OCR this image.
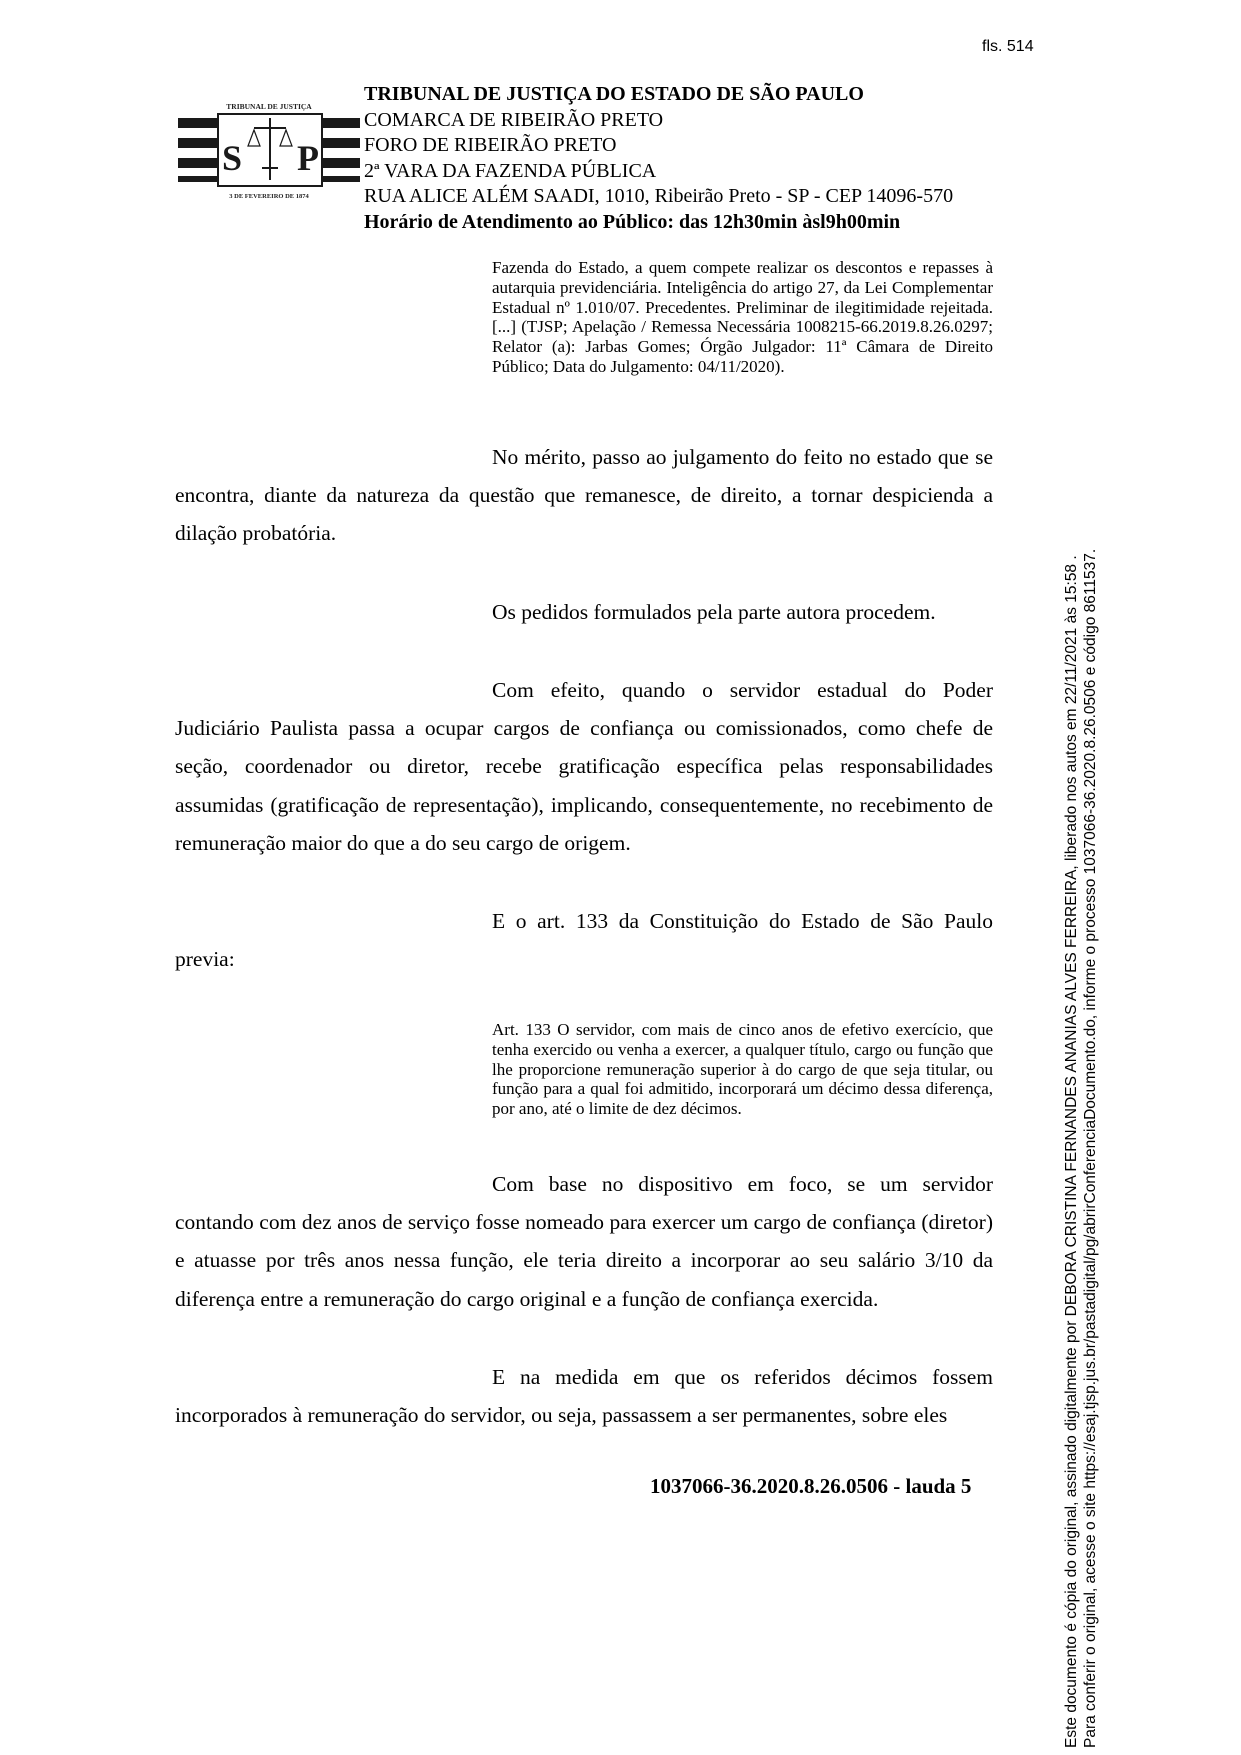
fls. 514
TRIBUNAL DE JUSTIÇA
S P
3 DE FEVEREIRO DE 1874
TRIBUNAL DE JUSTIÇA DO ESTADO DE SÃO PAULO
COMARCA DE RIBEIRÃO PRETO
FORO DE RIBEIRÃO PRETO
2ª VARA DA FAZENDA PÚBLICA
RUA ALICE ALÉM SAADI, 1010, Ribeirão Preto - SP - CEP 14096-570
Horário de Atendimento ao Público: das 12h30min àsl9h00min
Fazenda do Estado, a quem compete realizar os descontos e repasses à autarquia previdenciária. Inteligência do artigo 27, da Lei Complementar Estadual nº 1.010/07. Precedentes. Preliminar de ilegitimidade rejeitada. [...] (TJSP; Apelação / Remessa Necessária 1008215-66.2019.8.26.0297; Relator (a): Jarbas Gomes; Órgão Julgador: 11ª Câmara de Direito Público; Data do Julgamento: 04/11/2020).

No mérito, passo ao julgamento do feito no estado que se encontra, diante da natureza da questão que remanesce, de direito, a tornar despicienda a dilação probatória.

Os pedidos formulados pela parte autora procedem.

Com efeito, quando o servidor estadual do Poder Judiciário Paulista passa a ocupar cargos de confiança ou comissionados, como chefe de seção, coordenador ou diretor, recebe gratificação específica pelas responsabilidades assumidas (gratificação de representação), implicando, consequentemente, no recebimento de remuneração maior do que a do seu cargo de origem.

E o art. 133 da Constituição do Estado de São Paulo previa:

Art. 133 O servidor, com mais de cinco anos de efetivo exercício, que tenha exercido ou venha a exercer, a qualquer título, cargo ou função que lhe proporcione remuneração superior à do cargo de que seja titular, ou função para a qual foi admitido, incorporará um décimo dessa diferença, por ano, até o limite de dez décimos.

Com base no dispositivo em foco, se um servidor contando com dez anos de serviço fosse nomeado para exercer um cargo de confiança (diretor) e atuasse por três anos nessa função, ele teria direito a incorporar ao seu salário 3/10 da diferença entre a remuneração do cargo original e a função de confiança exercida.

E na medida em que os referidos décimos fossem incorporados à remuneração do servidor, ou seja, passassem a ser permanentes, sobre eles

1037066-36.2020.8.26.0506 - lauda 5	Este documento é cópia do original, assinado digitalmente por DEBORA CRISTINA FERNANDES ANANIAS ALVES FERREIRA, liberado nos autos em 22/11/2021 às 15:58 . Para conferir o original, acesse o site https://esaj.tjsp.jus.br/pastadigital/pg/abrirConferenciaDocumento.do, informe o processo 1037066-36.2020.8.26.0506 e código 8611537.
